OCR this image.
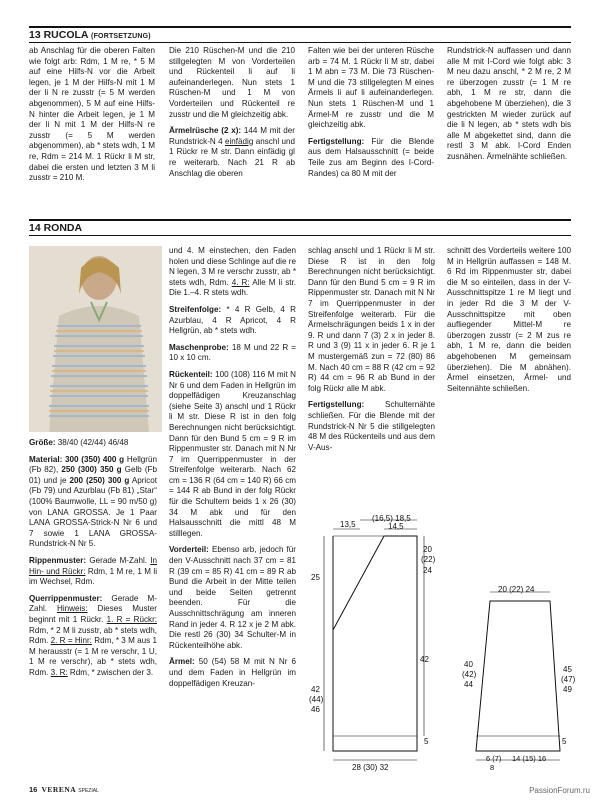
13 RUCOLA (FORTSETZUNG)

ab Anschlag für die oberen Falten wie folgt arb: Rdm, 1 M re, * 5 M auf eine Hilfs-N vor die Arbeit legen, je 1 M der Hilfs-N mit 1 M der li N re zusstr (= 5 M werden abgenommen), 5 M auf eine Hilfs-N hinter die Arbeit legen, je 1 M der li N mit 1 M der Hilfs-N re zusstr (= 5 M werden abgenommen), ab * stets wdh, 1 M re, Rdm = 214 M. 1 Rückr li M str, dabei die ersten und letzten 3 M li zusstr = 210 M.

Die 210 Rüschen-M und die 210 stillgelegten M von Vorderteilen und Rückenteil li auf li aufeinanderlegen. Nun stets 1 Rüschen-M und 1 M von Vorderteilen und Rückenteil re zusstr und die M gleichzeitig abk.

Ärmelrüsche (2 x): 144 M mit der Rundstrick-N 4 einfädig anschl und 1 Rückr re M str. Dann einfädig gl re weiterarb. Nach 21 R ab Anschlag die oberen

Falten wie bei der unteren Rüsche arb = 74 M. 1 Rückr li M str, dabei 1 M abn = 73 M. Die 73 Rüschen-M und die 73 stillgelegten M eines Ärmels li auf li aufeinanderlegen. Nun stets 1 Rüschen-M und 1 Ärmel-M re zusstr und die M gleichzeitig abk.

Fertigstellung: Für die Blende aus dem Halsausschnitt (= beide Teile zus am Beginn des I-Cord-Randes) ca 80 M mit der

Rundstrick-N auffassen und dann alle M mit I-Cord wie folgt abk: 3 M neu dazu anschl, * 2 M re, 2 M re überzogen zusstr (= 1 M re abh, 1 M re str, dann die abgehobene M überziehen), die 3 gestrickten M wieder zurück auf die li N legen, ab * stets wdh bis alle M abgekettet sind, dann die restl 3 M abk. I-Cord Enden zusnähen. Ärmelnähte schließen.

14 RONDA

Größe: 38/40 (42/44) 46/48

Material: 300 (350) 400 g Hellgrün (Fb 82), 250 (300) 350 g Gelb (Fb 01) und je 200 (250) 300 g Apricot (Fb 79) und Azurblau (Fb 81) „Star“ (100% Baumwolle, LL = 90 m/50 g) von LANA GROSSA. Je 1 Paar LANA GROSSA-Strick-N Nr 6 und 7 sowie 1 LANA GROSSA-Rundstrick-N Nr 5.

Rippenmuster: Gerade M-Zahl. In Hin- und Rückr: Rdm, 1 M re, 1 M li im Wechsel, Rdm.

Querrippenmuster: Gerade M-Zahl. Hinweis: Dieses Muster beginnt mit 1 Rückr. 1. R = Rückr: Rdm, * 2 M li zusstr, ab * stets wdh, Rdm. 2. R = Hinr: Rdm, * 3 M aus 1 M herausstr (= 1 M re verschr, 1 U, 1 M re verschr), ab * stets wdh, Rdm. 3. R: Rdm, * zwischen der 3.

und 4. M einstechen, den Faden holen und diese Schlinge auf die re N legen, 3 M re verschr zusstr, ab * stets wdh, Rdm. 4. R: Alle M li str. Die 1.–4. R stets wdh.

Streifenfolge: * 4 R Gelb, 4 R Azurblau, 4 R Apricot, 4 R Hellgrün, ab * stets wdh.

Maschenprobe: 18 M und 22 R = 10 x 10 cm.

Rückenteil: 100 (108) 116 M mit N Nr 6 und dem Faden in Hellgrün im doppelfädigen Kreuzanschlag (siehe Seite 3) anschl und 1 Rückr li M str. Diese R ist in den folg Berechnungen nicht berücksichtigt. Dann für den Bund 5 cm = 9 R im Rippenmuster str. Danach mit N Nr 7 im Querrippenmuster in der Streifenfolge weiterarb. Nach 62 cm = 136 R (64 cm = 140 R) 66 cm = 144 R ab Bund in der folg Rückr für die Schultern beids 1 x 26 (30) 34 M abk und für den Halsausschnitt die mittl 48 M stilllegen.

Vorderteil: Ebenso arb, jedoch für den V-Ausschnitt nach 37 cm = 81 R (39 cm = 85 R) 41 cm = 89 R ab Bund die Arbeit in der Mitte teilen und beide Seiten getrennt beenden. Für die Ausschnittschrägung am inneren Rand in jeder 4. R 12 x je 2 M abk. Die restl 26 (30) 34 Schulter-M in Rückenteilhöhe abk.

Ärmel: 50 (54) 58 M mit N Nr 6 und dem Faden in Hellgrün im doppelfädigen Kreuzan-

schlag anschl und 1 Rückr li M str. Diese R ist in den folg Berechnungen nicht berücksichtigt. Dann für den Bund 5 cm = 9 R im Rippenmuster str. Danach mit N Nr 7 im Querrippenmuster in der Streifenfolge weiterarb. Für die Ärmelschrägungen beids 1 x in der 9. R und dann 7 (3) 2 x in jeder 8. R und 3 (9) 11 x in jeder 6. R je 1 M mustergemäß zun = 72 (80) 86 M. Nach 40 cm = 88 R (42 cm = 92 R) 44 cm = 96 R ab Bund in der folg Rückr alle M abk.

Fertigstellung: Schulternähte schließen. Für die Blende mit der Rundstrick-N Nr 5 die stillgelegten 48 M des Rückenteils und aus dem V-Aus-

schnitt des Vorderteils weitere 100 M in Hellgrün auffassen = 148 M. 6 Rd im Rippenmuster str, dabei die M so einteilen, dass in der V-Ausschnittspitze 1 re M liegt und in jeder Rd die 3 M der V-Ausschnittspitze mit oben aufliegender Mittel-M re überzogen zusstr (= 2 M zus re abh, 1 M re, dann die beiden abgehobenen M gemeinsam überziehen). Die M abnähen). Ärmel einsetzen, Ärmel- und Seitennähte schließen.

13,5
(16,5) 18,5
14,5
20
(22)
24
42
5
25
42
(44)
46
28 (30) 32
20 (22) 24
40
(42)
44
45
(47)
49
5
6 (7) 14 (15) 16
8
16 VERENA SPEZIAL	PassionForum.ru
